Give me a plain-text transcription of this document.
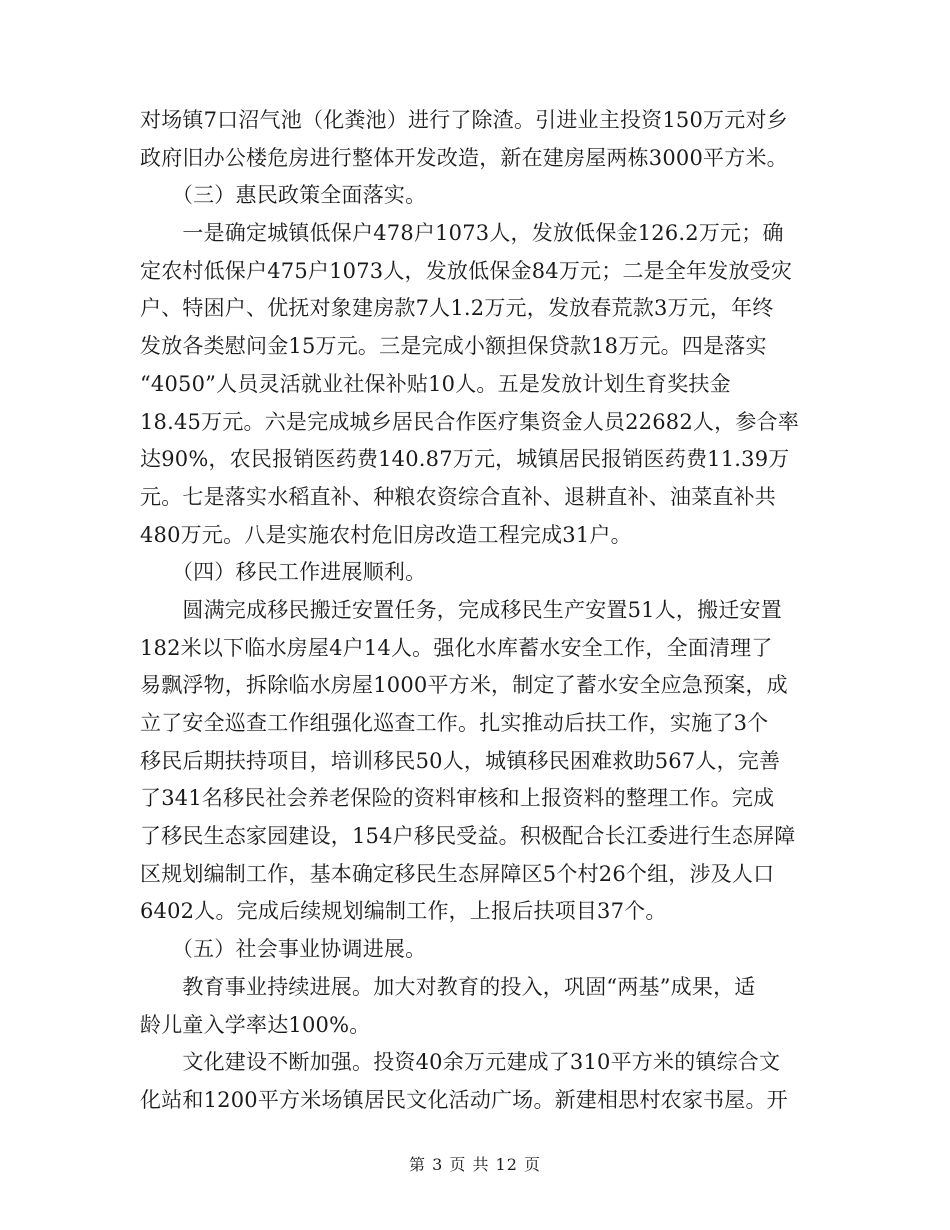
对场镇7口沼气池（化粪池）进行了除渣。引进业主投资150万元对乡
政府旧办公楼危房进行整体开发改造，新在建房屋两栋3000平方米。
　　（三）惠民政策全面落实。
　　一是确定城镇低保户478户1073人，发放低保金126.2万元；确
定农村低保户475户1073人，发放低保金84万元；二是全年发放受灾
户、特困户、优抚对象建房款7人1.2万元，发放春荒款3万元，年终
发放各类慰问金15万元。三是完成小额担保贷款18万元。四是落实
“4050”人员灵活就业社保补贴10人。五是发放计划生育奖扶金
18.45万元。六是完成城乡居民合作医疗集资金人员22682人，参合率
达90%，农民报销医药费140.87万元，城镇居民报销医药费11.39万
元。七是落实水稻直补、种粮农资综合直补、退耕直补、油菜直补共
480万元。八是实施农村危旧房改造工程完成31户。
　　（四）移民工作进展顺利。
　　圆满完成移民搬迁安置任务，完成移民生产安置51人，搬迁安置
182米以下临水房屋4户14人。强化水库蓄水安全工作，全面清理了
易飘浮物，拆除临水房屋1000平方米，制定了蓄水安全应急预案，成
立了安全巡查工作组强化巡查工作。扎实推动后扶工作，实施了3个
移民后期扶持项目，培训移民50人，城镇移民困难救助567人，完善
了341名移民社会养老保险的资料审核和上报资料的整理工作。完成
了移民生态家园建设，154户移民受益。积极配合长江委进行生态屏障
区规划编制工作，基本确定移民生态屏障区5个村26个组，涉及人口
6402人。完成后续规划编制工作，上报后扶项目37个。
　　（五）社会事业协调进展。
　　教育事业持续进展。加大对教育的投入，巩固“两基”成果，适
龄儿童入学率达100%。
　　文化建设不断加强。投资40余万元建成了310平方米的镇综合文
化站和1200平方米场镇居民文化活动广场。新建相思村农家书屋。开
第 3 页 共 12 页
